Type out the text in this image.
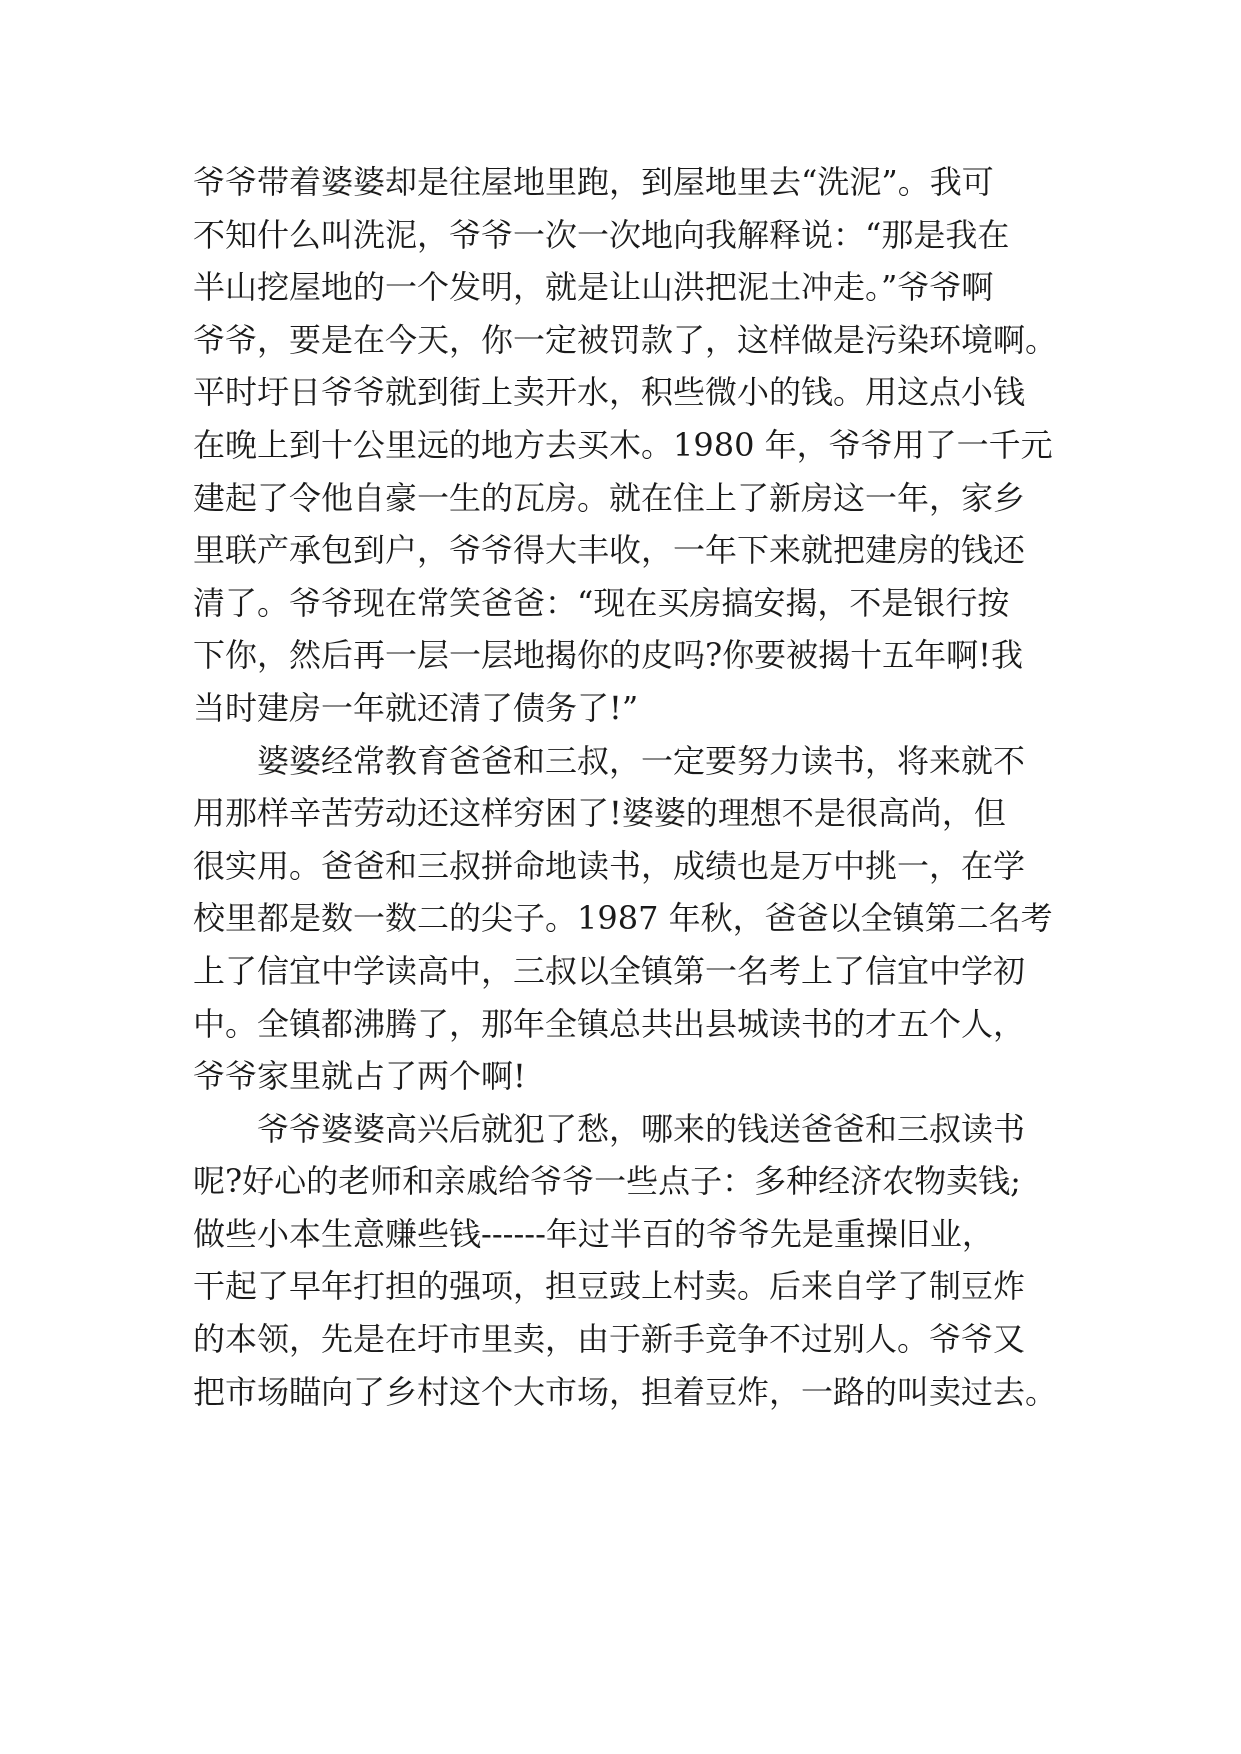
爷爷带着婆婆却是往屋地里跑，到屋地里去“洗泥”。我可
不知什么叫洗泥，爷爷一次一次地向我解释说：“那是我在
半山挖屋地的一个发明，就是让山洪把泥土冲走。”爷爷啊
爷爷，要是在今天，你一定被罚款了，这样做是污染环境啊。
平时圩日爷爷就到街上卖开水，积些微小的钱。用这点小钱
在晚上到十公里远的地方去买木。1980 年，爷爷用了一千元
建起了令他自豪一生的瓦房。就在住上了新房这一年，家乡
里联产承包到户，爷爷得大丰收，一年下来就把建房的钱还
清了。爷爷现在常笑爸爸：“现在买房搞安揭，不是银行按
下你，然后再一层一层地揭你的皮吗?你要被揭十五年啊!我
当时建房一年就还清了债务了!”
婆婆经常教育爸爸和三叔，一定要努力读书，将来就不
用那样辛苦劳动还这样穷困了!婆婆的理想不是很高尚，但
很实用。爸爸和三叔拼命地读书，成绩也是万中挑一，在学
校里都是数一数二的尖子。1987 年秋，爸爸以全镇第二名考
上了信宜中学读高中，三叔以全镇第一名考上了信宜中学初
中。全镇都沸腾了，那年全镇总共出县城读书的才五个人，
爷爷家里就占了两个啊!
爷爷婆婆高兴后就犯了愁，哪来的钱送爸爸和三叔读书
呢?好心的老师和亲戚给爷爷一些点子：多种经济农物卖钱;
做些小本生意赚些钱------年过半百的爷爷先是重操旧业，
干起了早年打担的强项，担豆豉上村卖。后来自学了制豆炸
的本领，先是在圩市里卖，由于新手竞争不过别人。爷爷又
把市场瞄向了乡村这个大市场，担着豆炸，一路的叫卖过去。
